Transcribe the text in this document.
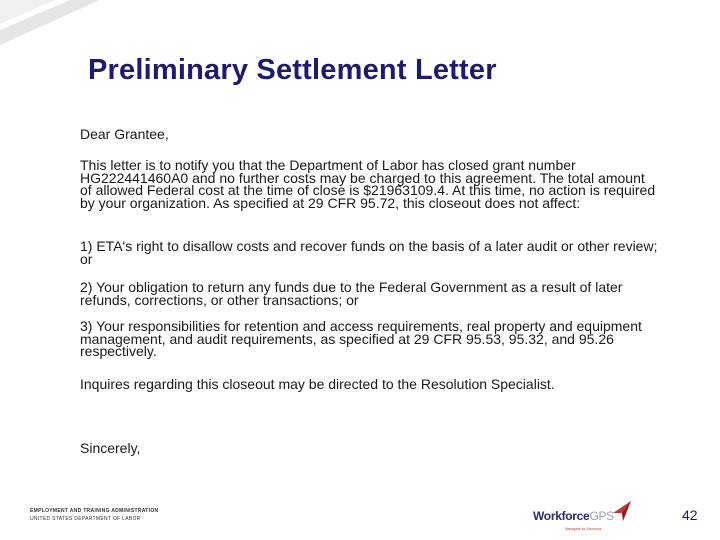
Preliminary Settlement Letter
Dear Grantee,
This letter is to notify you that the Department of Labor has closed grant number HG222441460A0 and no further costs may be charged to this agreement. The total amount of allowed Federal cost at the time of close is $21963109.4. At this time, no action is required by your organization. As specified at 29 CFR 95.72, this closeout does not affect:
1) ETA's right to disallow costs and recover funds on the basis of a later audit or other review; or
2) Your obligation to return any funds due to the Federal Government as a result of later refunds, corrections, or other transactions; or
3) Your responsibilities for retention and access requirements, real property and equipment management, and audit requirements, as specified at 29 CFR 95.53, 95.32, and 95.26 respectively.
Inquires regarding this closeout may be directed to the Resolution Specialist.
Sincerely,
EMPLOYMENT AND TRAINING ADMINISTRATION
UNITED STATES DEPARTMENT OF LABOR	WorkforceGPS
Navigate to Success
42
